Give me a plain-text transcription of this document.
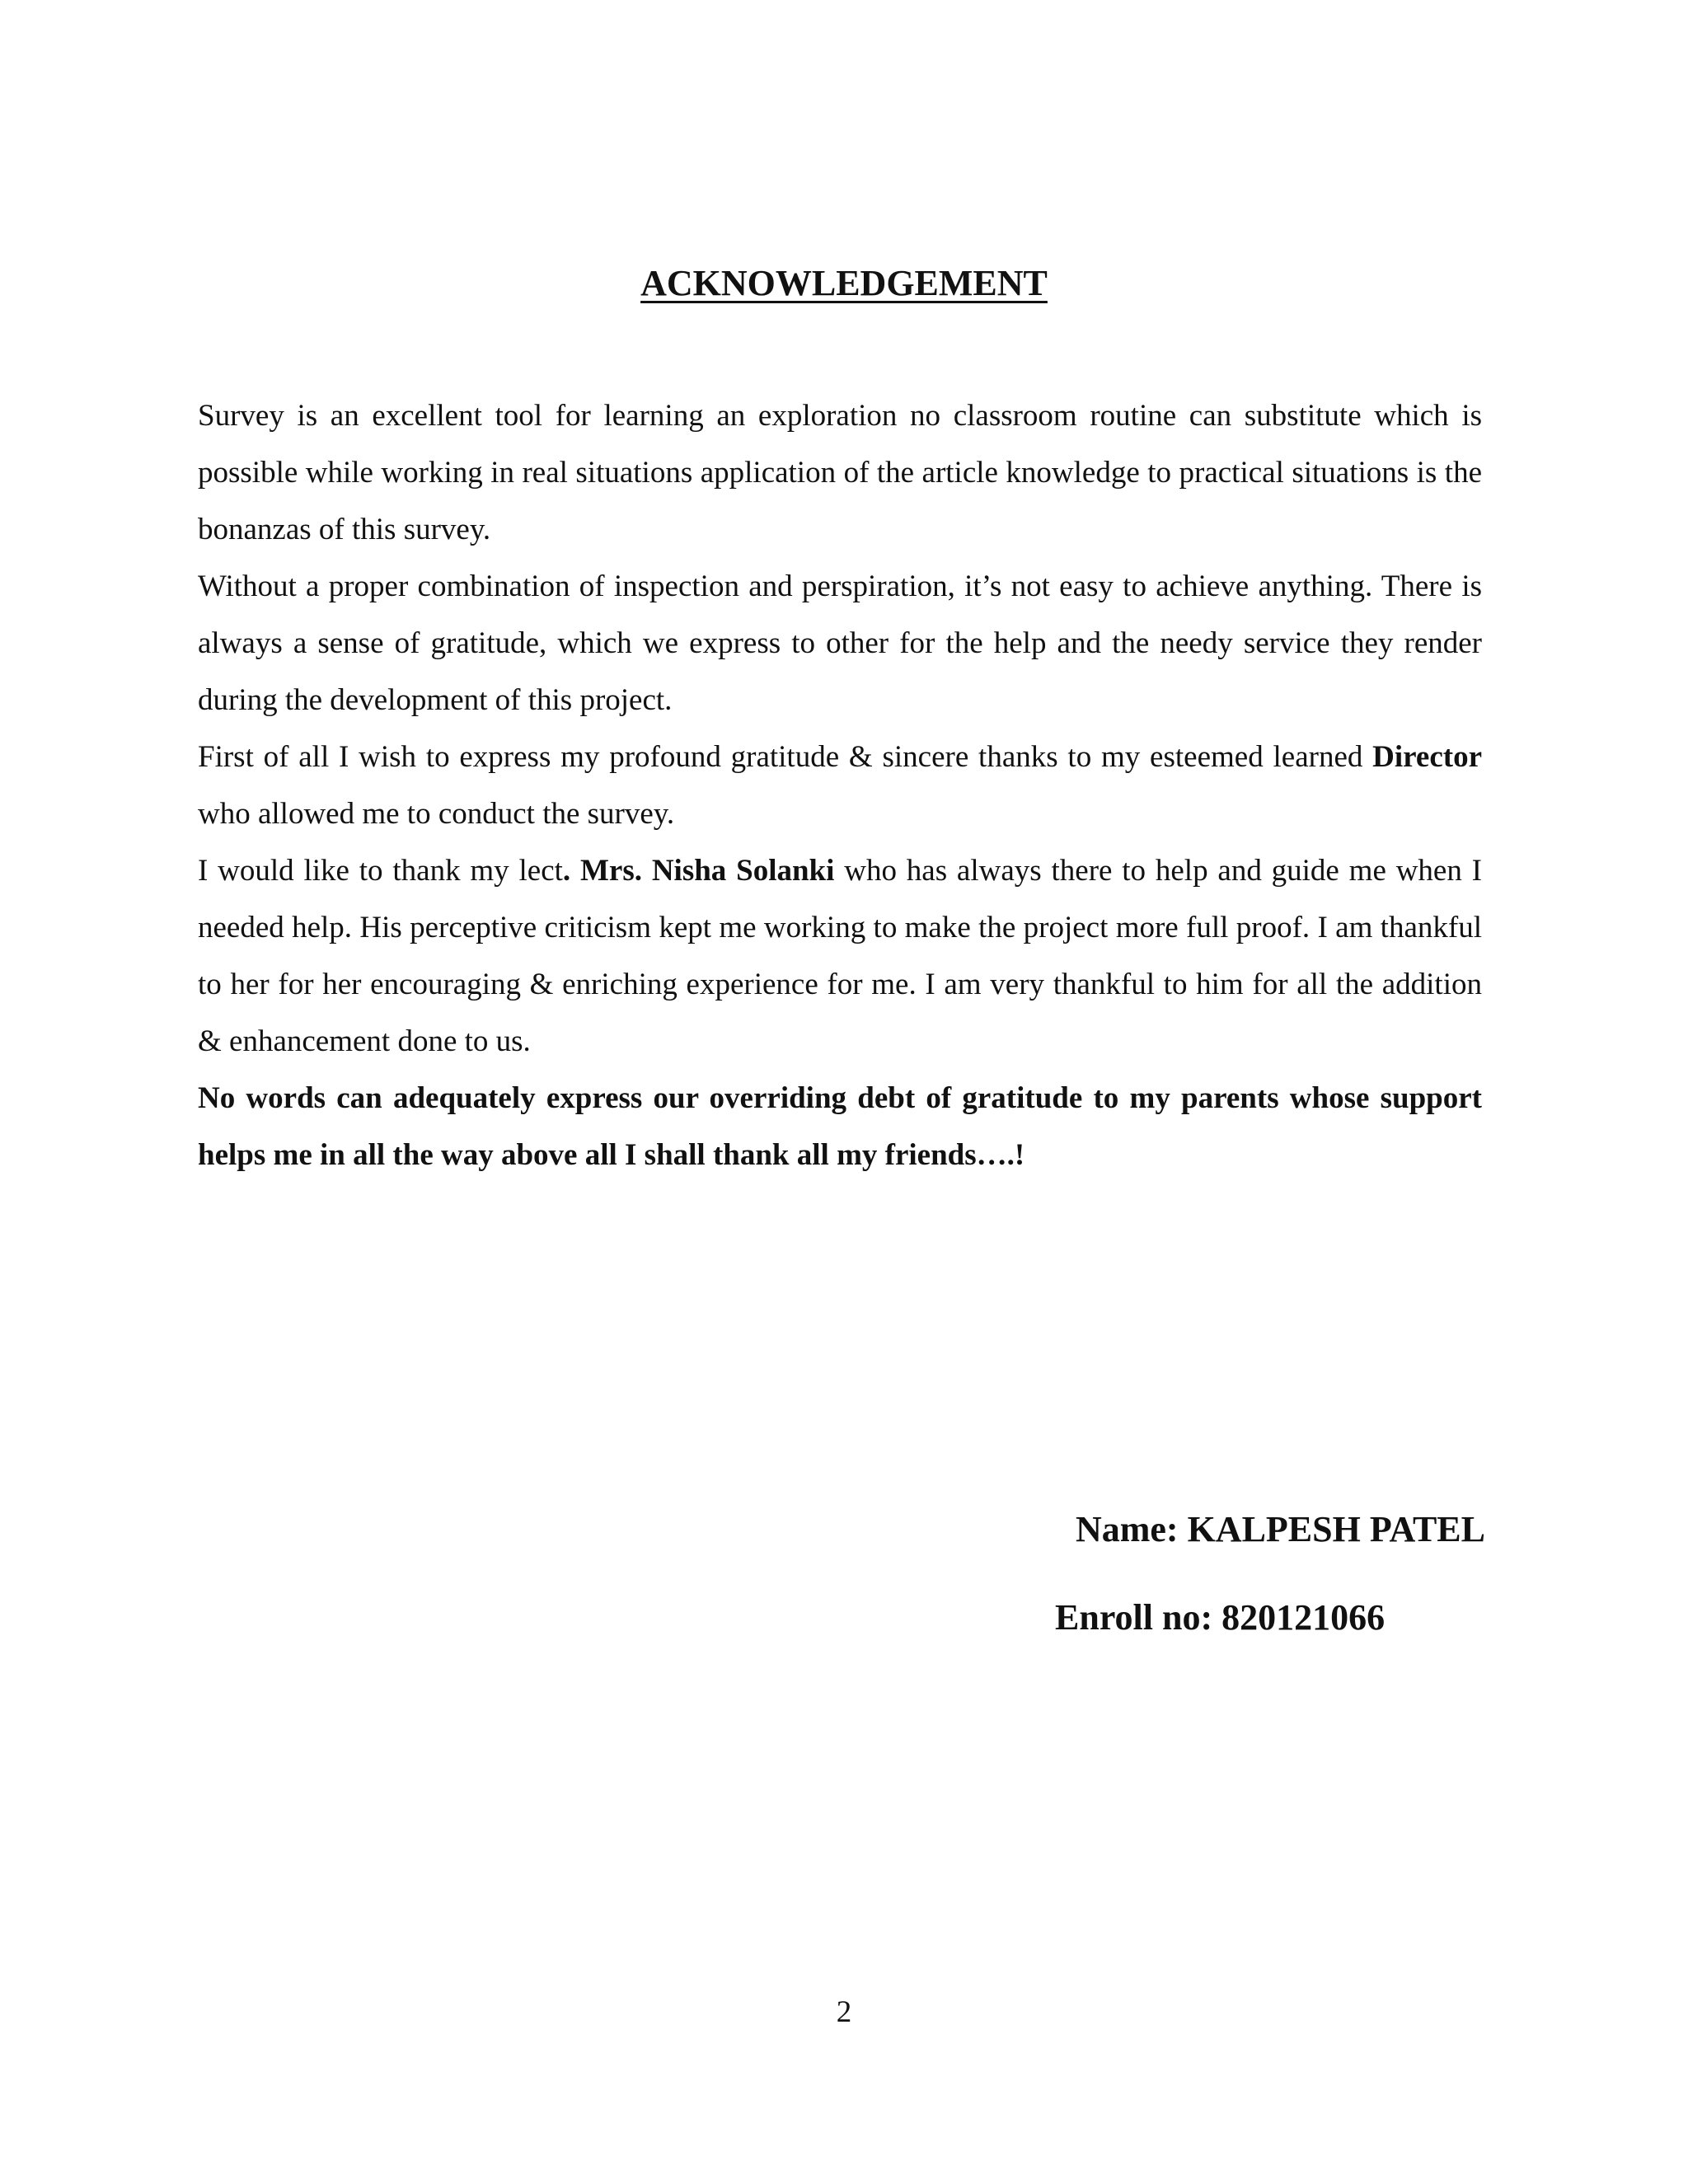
ACKNOWLEDGEMENT

Survey is an excellent tool for learning an exploration no classroom routine can substitute which is possible while working in real situations application of the article knowledge to practical situations is the bonanzas of this survey.

Without a proper combination of inspection and perspiration, it’s not easy to achieve anything. There is always a sense of gratitude, which we express to other for the help and the needy service they render during the development of this project.

First of all I wish to express my profound gratitude & sincere thanks to my esteemed learned Director who allowed me to conduct the survey.

I would like to thank my lect. Mrs. Nisha Solanki who has always there to help and guide me when I needed help. His perceptive criticism kept me working to make the project more full proof. I am thankful to her for her encouraging & enriching experience for me. I am very thankful to him for all the addition & enhancement done to us.

No words can adequately express our overriding debt of gratitude to my parents whose support helps me in all the way above all I shall thank all my friends….!

Name: KALPESH PATEL

Enroll no: 820121066

2
